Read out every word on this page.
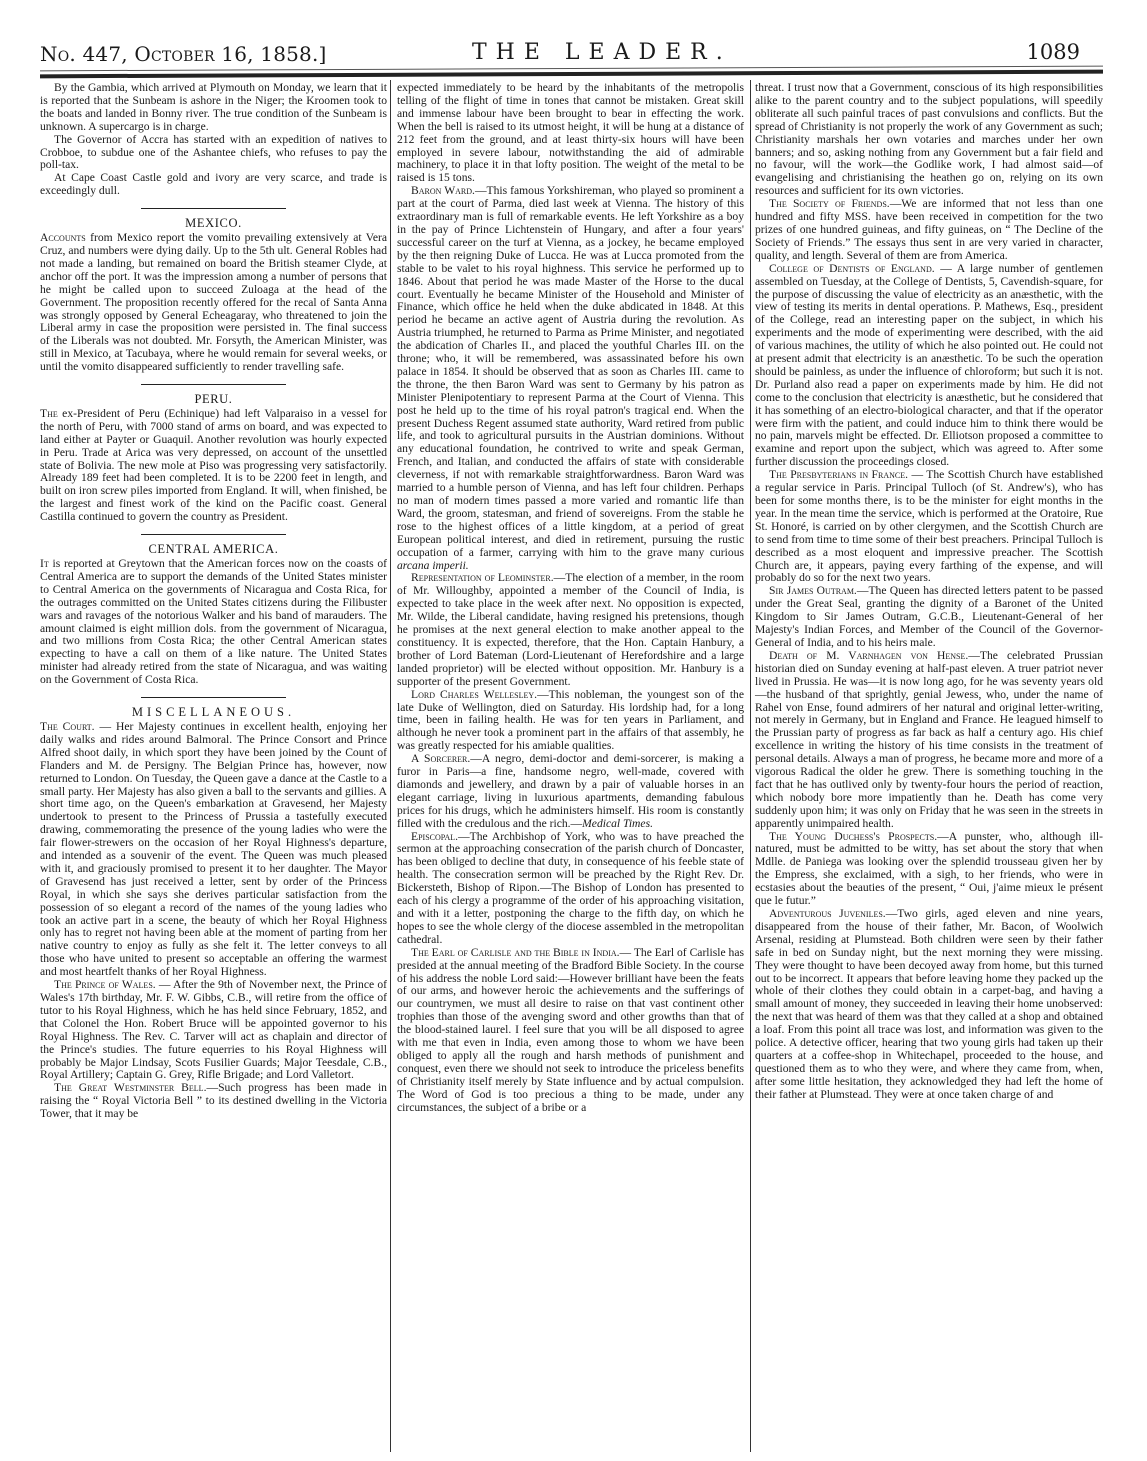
No. 447, October 16, 1858.]	THE LEADER.	1089

By the Gambia, which arrived at Plymouth on Monday, we learn that it is reported that the Sunbeam is ashore in the Niger; the Kroomen took to the boats and landed in Bonny river. The true condition of the Sunbeam is unknown. A supercargo is in charge.

The Governor of Accra has started with an expedition of natives to Crobboe, to subdue one of the Ashantee chiefs, who refuses to pay the poll-tax.

At Cape Coast Castle gold and ivory are very scarce, and trade is exceedingly dull.

MEXICO.

Accounts from Mexico report the vomito prevailing extensively at Vera Cruz, and numbers were dying daily. Up to the 5th ult. General Robles had not made a landing, but remained on board the British steamer Clyde, at anchor off the port. It was the impression among a number of persons that he might be called upon to succeed Zuloaga at the head of the Government. The proposition recently offered for the recal of Santa Anna was strongly opposed by General Echeagaray, who threatened to join the Liberal army in case the proposition were persisted in. The final success of the Liberals was not doubted. Mr. Forsyth, the American Minister, was still in Mexico, at Tacubaya, where he would remain for several weeks, or until the vomito disappeared sufficiently to render travelling safe.

PERU.

The ex-President of Peru (Echinique) had left Valparaiso in a vessel for the north of Peru, with 7000 stand of arms on board, and was expected to land either at Payter or Guaquil. Another revolution was hourly expected in Peru. Trade at Arica was very depressed, on account of the unsettled state of Bolivia. The new mole at Piso was progressing very satisfactorily. Already 189 feet had been completed. It is to be 2200 feet in length, and built on iron screw piles imported from England. It will, when finished, be the largest and finest work of the kind on the Pacific coast. General Castilla continued to govern the country as President.

CENTRAL AMERICA.

It is reported at Greytown that the American forces now on the coasts of Central America are to support the demands of the United States minister to Central America on the governments of Nicaragua and Costa Rica, for the outrages committed on the United States citizens during the Filibuster wars and ravages of the notorious Walker and his band of marauders. The amount claimed is eight million dols. from the government of Nicaragua, and two millions from Costa Rica; the other Central American states expecting to have a call on them of a like nature. The United States minister had already retired from the state of Nicaragua, and was waiting on the Government of Costa Rica.

MISCELLANEOUS.

The Court. — Her Majesty continues in excellent health, enjoying her daily walks and rides around Balmoral. The Prince Consort and Prince Alfred shoot daily, in which sport they have been joined by the Count of Flanders and M. de Persigny. The Belgian Prince has, however, now returned to London. On Tuesday, the Queen gave a dance at the Castle to a small party. Her Majesty has also given a ball to the servants and gillies. A short time ago, on the Queen's embarkation at Gravesend, her Majesty undertook to present to the Princess of Prussia a tastefully executed drawing, commemorating the presence of the young ladies who were the fair flower-strewers on the occasion of her Royal Highness's departure, and intended as a souvenir of the event. The Queen was much pleased with it, and graciously promised to present it to her daughter. The Mayor of Gravesend has just received a letter, sent by order of the Princess Royal, in which she says she derives particular satisfaction from the possession of so elegant a record of the names of the young ladies who took an active part in a scene, the beauty of which her Royal Highness only has to regret not having been able at the moment of parting from her native country to enjoy as fully as she felt it. The letter conveys to all those who have united to present so acceptable an offering the warmest and most heartfelt thanks of her Royal Highness.

The Prince of Wales. — After the 9th of November next, the Prince of Wales's 17th birthday, Mr. F. W. Gibbs, C.B., will retire from the office of tutor to his Royal Highness, which he has held since February, 1852, and that Colonel the Hon. Robert Bruce will be appointed governor to his Royal Highness. The Rev. C. Tarver will act as chaplain and director of the Prince's studies. The future equerries to his Royal Highness will probably be Major Lindsay, Scots Fusilier Guards; Major Teesdale, C.B., Royal Artillery; Captain G. Grey, Rifle Brigade; and Lord Valletort.

The Great Westminster Bell.—Such progress has been made in raising the “ Royal Victoria Bell ” to its destined dwelling in the Victoria Tower, that it may be

expected immediately to be heard by the inhabitants of the metropolis telling of the flight of time in tones that cannot be mistaken. Great skill and immense labour have been brought to bear in effecting the work. When the bell is raised to its utmost height, it will be hung at a distance of 212 feet from the ground, and at least thirty-six hours will have been employed in severe labour, notwithstanding the aid of admirable machinery, to place it in that lofty position. The weight of the metal to be raised is 15 tons.

Baron Ward.—This famous Yorkshireman, who played so prominent a part at the court of Parma, died last week at Vienna. The history of this extraordinary man is full of remarkable events. He left Yorkshire as a boy in the pay of Prince Lichtenstein of Hungary, and after a four years' successful career on the turf at Vienna, as a jockey, he became employed by the then reigning Duke of Lucca. He was at Lucca promoted from the stable to be valet to his royal highness. This service he performed up to 1846. About that period he was made Master of the Horse to the ducal court. Eventually he became Minister of the Household and Minister of Finance, which office he held when the duke abdicated in 1848. At this period he became an active agent of Austria during the revolution. As Austria triumphed, he returned to Parma as Prime Minister, and negotiated the abdication of Charles II., and placed the youthful Charles III. on the throne; who, it will be remembered, was assassinated before his own palace in 1854. It should be observed that as soon as Charles III. came to the throne, the then Baron Ward was sent to Germany by his patron as Minister Plenipotentiary to represent Parma at the Court of Vienna. This post he held up to the time of his royal patron's tragical end. When the present Duchess Regent assumed state authority, Ward retired from public life, and took to agricultural pursuits in the Austrian dominions. Without any educational foundation, he contrived to write and speak German, French, and Italian, and conducted the affairs of state with considerable cleverness, if not with remarkable straightforwardness. Baron Ward was married to a humble person of Vienna, and has left four children. Perhaps no man of modern times passed a more varied and romantic life than Ward, the groom, statesman, and friend of sovereigns. From the stable he rose to the highest offices of a little kingdom, at a period of great European political interest, and died in retirement, pursuing the rustic occupation of a farmer, carrying with him to the grave many curious arcana imperii.

Representation of Leominster.—The election of a member, in the room of Mr. Willoughby, appointed a member of the Council of India, is expected to take place in the week after next. No opposition is expected, Mr. Wilde, the Liberal candidate, having resigned his pretensions, though he promises at the next general election to make another appeal to the constituency. It is expected, therefore, that the Hon. Captain Hanbury, a brother of Lord Bateman (Lord-Lieutenant of Herefordshire and a large landed proprietor) will be elected without opposition. Mr. Hanbury is a supporter of the present Government.

Lord Charles Wellesley.—This nobleman, the youngest son of the late Duke of Wellington, died on Saturday. His lordship had, for a long time, been in failing health. He was for ten years in Parliament, and although he never took a prominent part in the affairs of that assembly, he was greatly respected for his amiable qualities.

A Sorcerer.—A negro, demi-doctor and demi-sorcerer, is making a furor in Paris—a fine, handsome negro, well-made, covered with diamonds and jewellery, and drawn by a pair of valuable horses in an elegant carriage, living in luxurious apartments, demanding fabulous prices for his drugs, which he administers himself. His room is constantly filled with the credulous and the rich.—Medical Times.

Episcopal.—The Archbishop of York, who was to have preached the sermon at the approaching consecration of the parish church of Doncaster, has been obliged to decline that duty, in consequence of his feeble state of health. The consecration sermon will be preached by the Right Rev. Dr. Bickersteth, Bishop of Ripon.—The Bishop of London has presented to each of his clergy a programme of the order of his approaching visitation, and with it a letter, postponing the charge to the fifth day, on which he hopes to see the whole clergy of the diocese assembled in the metropolitan cathedral.

The Earl of Carlisle and the Bible in India.— The Earl of Carlisle has presided at the annual meeting of the Bradford Bible Society. In the course of his address the noble Lord said:—However brilliant have been the feats of our arms, and however heroic the achievements and the sufferings of our countrymen, we must all desire to raise on that vast continent other trophies than those of the avenging sword and other growths than that of the blood-stained laurel. I feel sure that you will be all disposed to agree with me that even in India, even among those to whom we have been obliged to apply all the rough and harsh methods of punishment and conquest, even there we should not seek to introduce the priceless benefits of Christianity itself merely by State influence and by actual compulsion. The Word of God is too precious a thing to be made, under any circumstances, the subject of a bribe or a

threat. I trust now that a Government, conscious of its high responsibilities alike to the parent country and to the subject populations, will speedily obliterate all such painful traces of past convulsions and conflicts. But the spread of Christianity is not properly the work of any Government as such; Christianity marshals her own votaries and marches under her own banners; and so, asking nothing from any Government but a fair field and no favour, will the work—the Godlike work, I had almost said—of evangelising and christianising the heathen go on, relying on its own resources and sufficient for its own victories.

The Society of Friends.—We are informed that not less than one hundred and fifty MSS. have been received in competition for the two prizes of one hundred guineas, and fifty guineas, on “ The Decline of the Society of Friends.” The essays thus sent in are very varied in character, quality, and length. Several of them are from America.

College of Dentists of England. — A large number of gentlemen assembled on Tuesday, at the College of Dentists, 5, Cavendish-square, for the purpose of discussing the value of electricity as an anæsthetic, with the view of testing its merits in dental operations. P. Mathews, Esq., president of the College, read an interesting paper on the subject, in which his experiments and the mode of experimenting were described, with the aid of various machines, the utility of which he also pointed out. He could not at present admit that electricity is an anæsthetic. To be such the operation should be painless, as under the influence of chloroform; but such it is not. Dr. Purland also read a paper on experiments made by him. He did not come to the conclusion that electricity is anæsthetic, but he considered that it has something of an electro-biological character, and that if the operator were firm with the patient, and could induce him to think there would be no pain, marvels might be effected. Dr. Elliotson proposed a committee to examine and report upon the subject, which was agreed to. After some further discussion the proceedings closed.

The Presbyterians in France. — The Scottish Church have established a regular service in Paris. Principal Tulloch (of St. Andrew's), who has been for some months there, is to be the minister for eight months in the year. In the mean time the service, which is performed at the Oratoire, Rue St. Honoré, is carried on by other clergymen, and the Scottish Church are to send from time to time some of their best preachers. Principal Tulloch is described as a most eloquent and impressive preacher. The Scottish Church are, it appears, paying every farthing of the expense, and will probably do so for the next two years.

Sir James Outram.—The Queen has directed letters patent to be passed under the Great Seal, granting the dignity of a Baronet of the United Kingdom to Sir James Outram, G.C.B., Lieutenant-General of her Majesty's Indian Forces, and Member of the Council of the Governor-General of India, and to his heirs male.

Death of M. Varnhagen von Hense.—The celebrated Prussian historian died on Sunday evening at half-past eleven. A truer patriot never lived in Prussia. He was—it is now long ago, for he was seventy years old—the husband of that sprightly, genial Jewess, who, under the name of Rahel von Ense, found admirers of her natural and original letter-writing, not merely in Germany, but in England and France. He leagued himself to the Prussian party of progress as far back as half a century ago. His chief excellence in writing the history of his time consists in the treatment of personal details. Always a man of progress, he became more and more of a vigorous Radical the older he grew. There is something touching in the fact that he has outlived only by twenty-four hours the period of reaction, which nobody bore more impatiently than he. Death has come very suddenly upon him; it was only on Friday that he was seen in the streets in apparently unimpaired health.

The Young Duchess's Prospects.—A punster, who, although ill-natured, must be admitted to be witty, has set about the story that when Mdlle. de Paniega was looking over the splendid trousseau given her by the Empress, she exclaimed, with a sigh, to her friends, who were in ecstasies about the beauties of the present, “ Oui, j'aime mieux le présent que le futur.”

Adventurous Juveniles.—Two girls, aged eleven and nine years, disappeared from the house of their father, Mr. Bacon, of Woolwich Arsenal, residing at Plumstead. Both children were seen by their father safe in bed on Sunday night, but the next morning they were missing. They were thought to have been decoyed away from home, but this turned out to be incorrect. It appears that before leaving home they packed up the whole of their clothes they could obtain in a carpet-bag, and having a small amount of money, they succeeded in leaving their home unobserved: the next that was heard of them was that they called at a shop and obtained a loaf. From this point all trace was lost, and information was given to the police. A detective officer, hearing that two young girls had taken up their quarters at a coffee-shop in Whitechapel, proceeded to the house, and questioned them as to who they were, and where they came from, when, after some little hesitation, they acknowledged they had left the home of their father at Plumstead. They were at once taken charge of and
